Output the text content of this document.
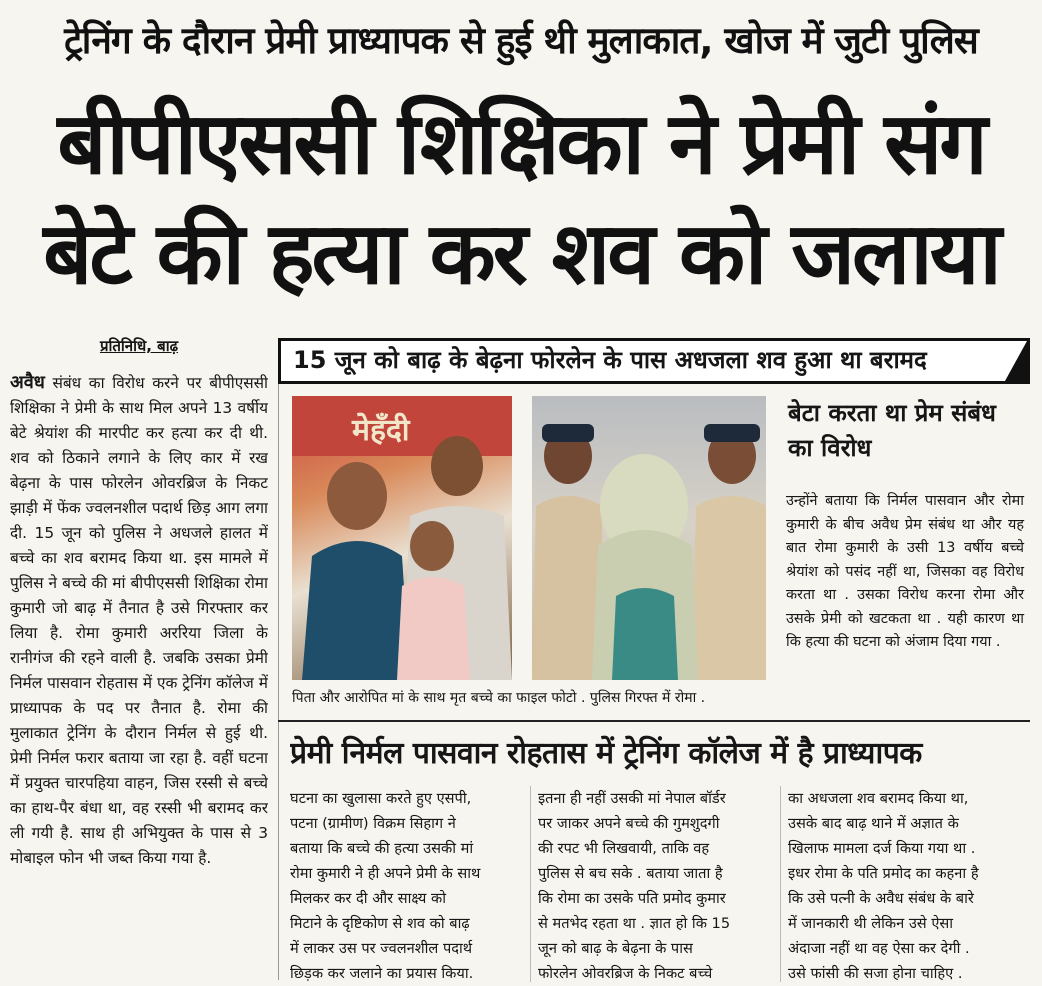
ट्रेनिंग के दौरान प्रेमी प्राध्यापक से हुई थी मुलाकात, खोज में जुटी पुलिस
बीपीएससी शिक्षिका ने प्रेमी संग
बेटे की हत्या कर शव को जलाया
प्रतिनिधि, बाढ़

अवैध संबंध का विरोध करने पर बीपीएससी शिक्षिका ने प्रेमी के साथ मिल अपने 13 वर्षीय बेटे श्रेयांश की मारपीट कर हत्या कर दी थी. शव को ठिकाने लगाने के लिए कार में रख बेढ़ना के पास फोरलेन ओवरब्रिज के निकट झाड़ी में फेंक ज्वलनशील पदार्थ छिड़ आग लगा दी. 15 जून को पुलिस ने अधजले हालत में बच्चे का शव बरामद किया था. इस मामले में पुलिस ने बच्चे की मां बीपीएससी शिक्षिका रोमा कुमारी जो बाढ़ में तैनात है उसे गिरफ्तार कर लिया है. रोमा कुमारी अररिया जिला के रानीगंज की रहने वाली है. जबकि उसका प्रेमी निर्मल पासवान रोहतास में एक ट्रेनिंग कॉलेज में प्राध्यापक के पद पर तैनात है. रोमा की मुलाकात ट्रेनिंग के दौरान निर्मल से हुई थी. प्रेमी निर्मल फरार बताया जा रहा है. वहीं घटना में प्रयुक्त चारपहिया वाहन, जिस रस्सी से बच्चे का हाथ-पैर बंधा था, वह रस्सी भी बरामद कर ली गयी है. साथ ही अभियुक्त के पास से 3 मोबाइल फोन भी जब्त किया गया है.

15 जून को बाढ़ के बेढ़ना फोरलेन के पास अधजला शव हुआ था बरामद
मेहँदी
पिता और आरोपित मां के साथ मृत बच्चे का फाइल फोटो . पुलिस गिरफ्त में रोमा .
बेटा करता था प्रेम संबंध का विरोध
उन्होंने बताया कि निर्मल पासवान और रोमा कुमारी के बीच अवैध प्रेम संबंध था और यह बात रोमा कुमारी के उसी 13 वर्षीय बच्चे श्रेयांश को पसंद नहीं था, जिसका वह विरोध करता था . उसका विरोध करना रोमा और उसके प्रेमी को खटकता था . यही कारण था कि हत्या की घटना को अंजाम दिया गया .
प्रेमी निर्मल पासवान रोहतास में ट्रेनिंग कॉलेज में है प्राध्यापक
घटना का खुलासा करते हुए एसपी,
पटना (ग्रामीण) विक्रम सिहाग ने
बताया कि बच्चे की हत्या उसकी मां
रोमा कुमारी ने ही अपने प्रेमी के साथ
मिलकर कर दी और साक्ष्य को
मिटाने के दृष्टिकोण से शव को बाढ़
में लाकर उस पर ज्वलनशील पदार्थ
छिड़क कर जलाने का प्रयास किया.
इतना ही नहीं उसकी मां नेपाल बॉर्डर
पर जाकर अपने बच्चे की गुमशुदगी
की रपट भी लिखवायी, ताकि वह
पुलिस से बच सके . बताया जाता है
कि रोमा का उसके पति प्रमोद कुमार
से मतभेद रहता था . ज्ञात हो कि 15
जून को बाढ़ के बेढ़ना के पास
फोरलेन ओवरब्रिज के निकट बच्चे
का अधजला शव बरामद किया था,
उसके बाद बाढ़ थाने में अज्ञात के
खिलाफ मामला दर्ज किया गया था .
इधर रोमा के पति प्रमोद का कहना है
कि उसे पत्नी के अवैध संबंध के बारे
में जानकारी थी लेकिन उसे ऐसा
अंदाजा नहीं था वह ऐसा कर देगी .
उसे फांसी की सजा होना चाहिए .
